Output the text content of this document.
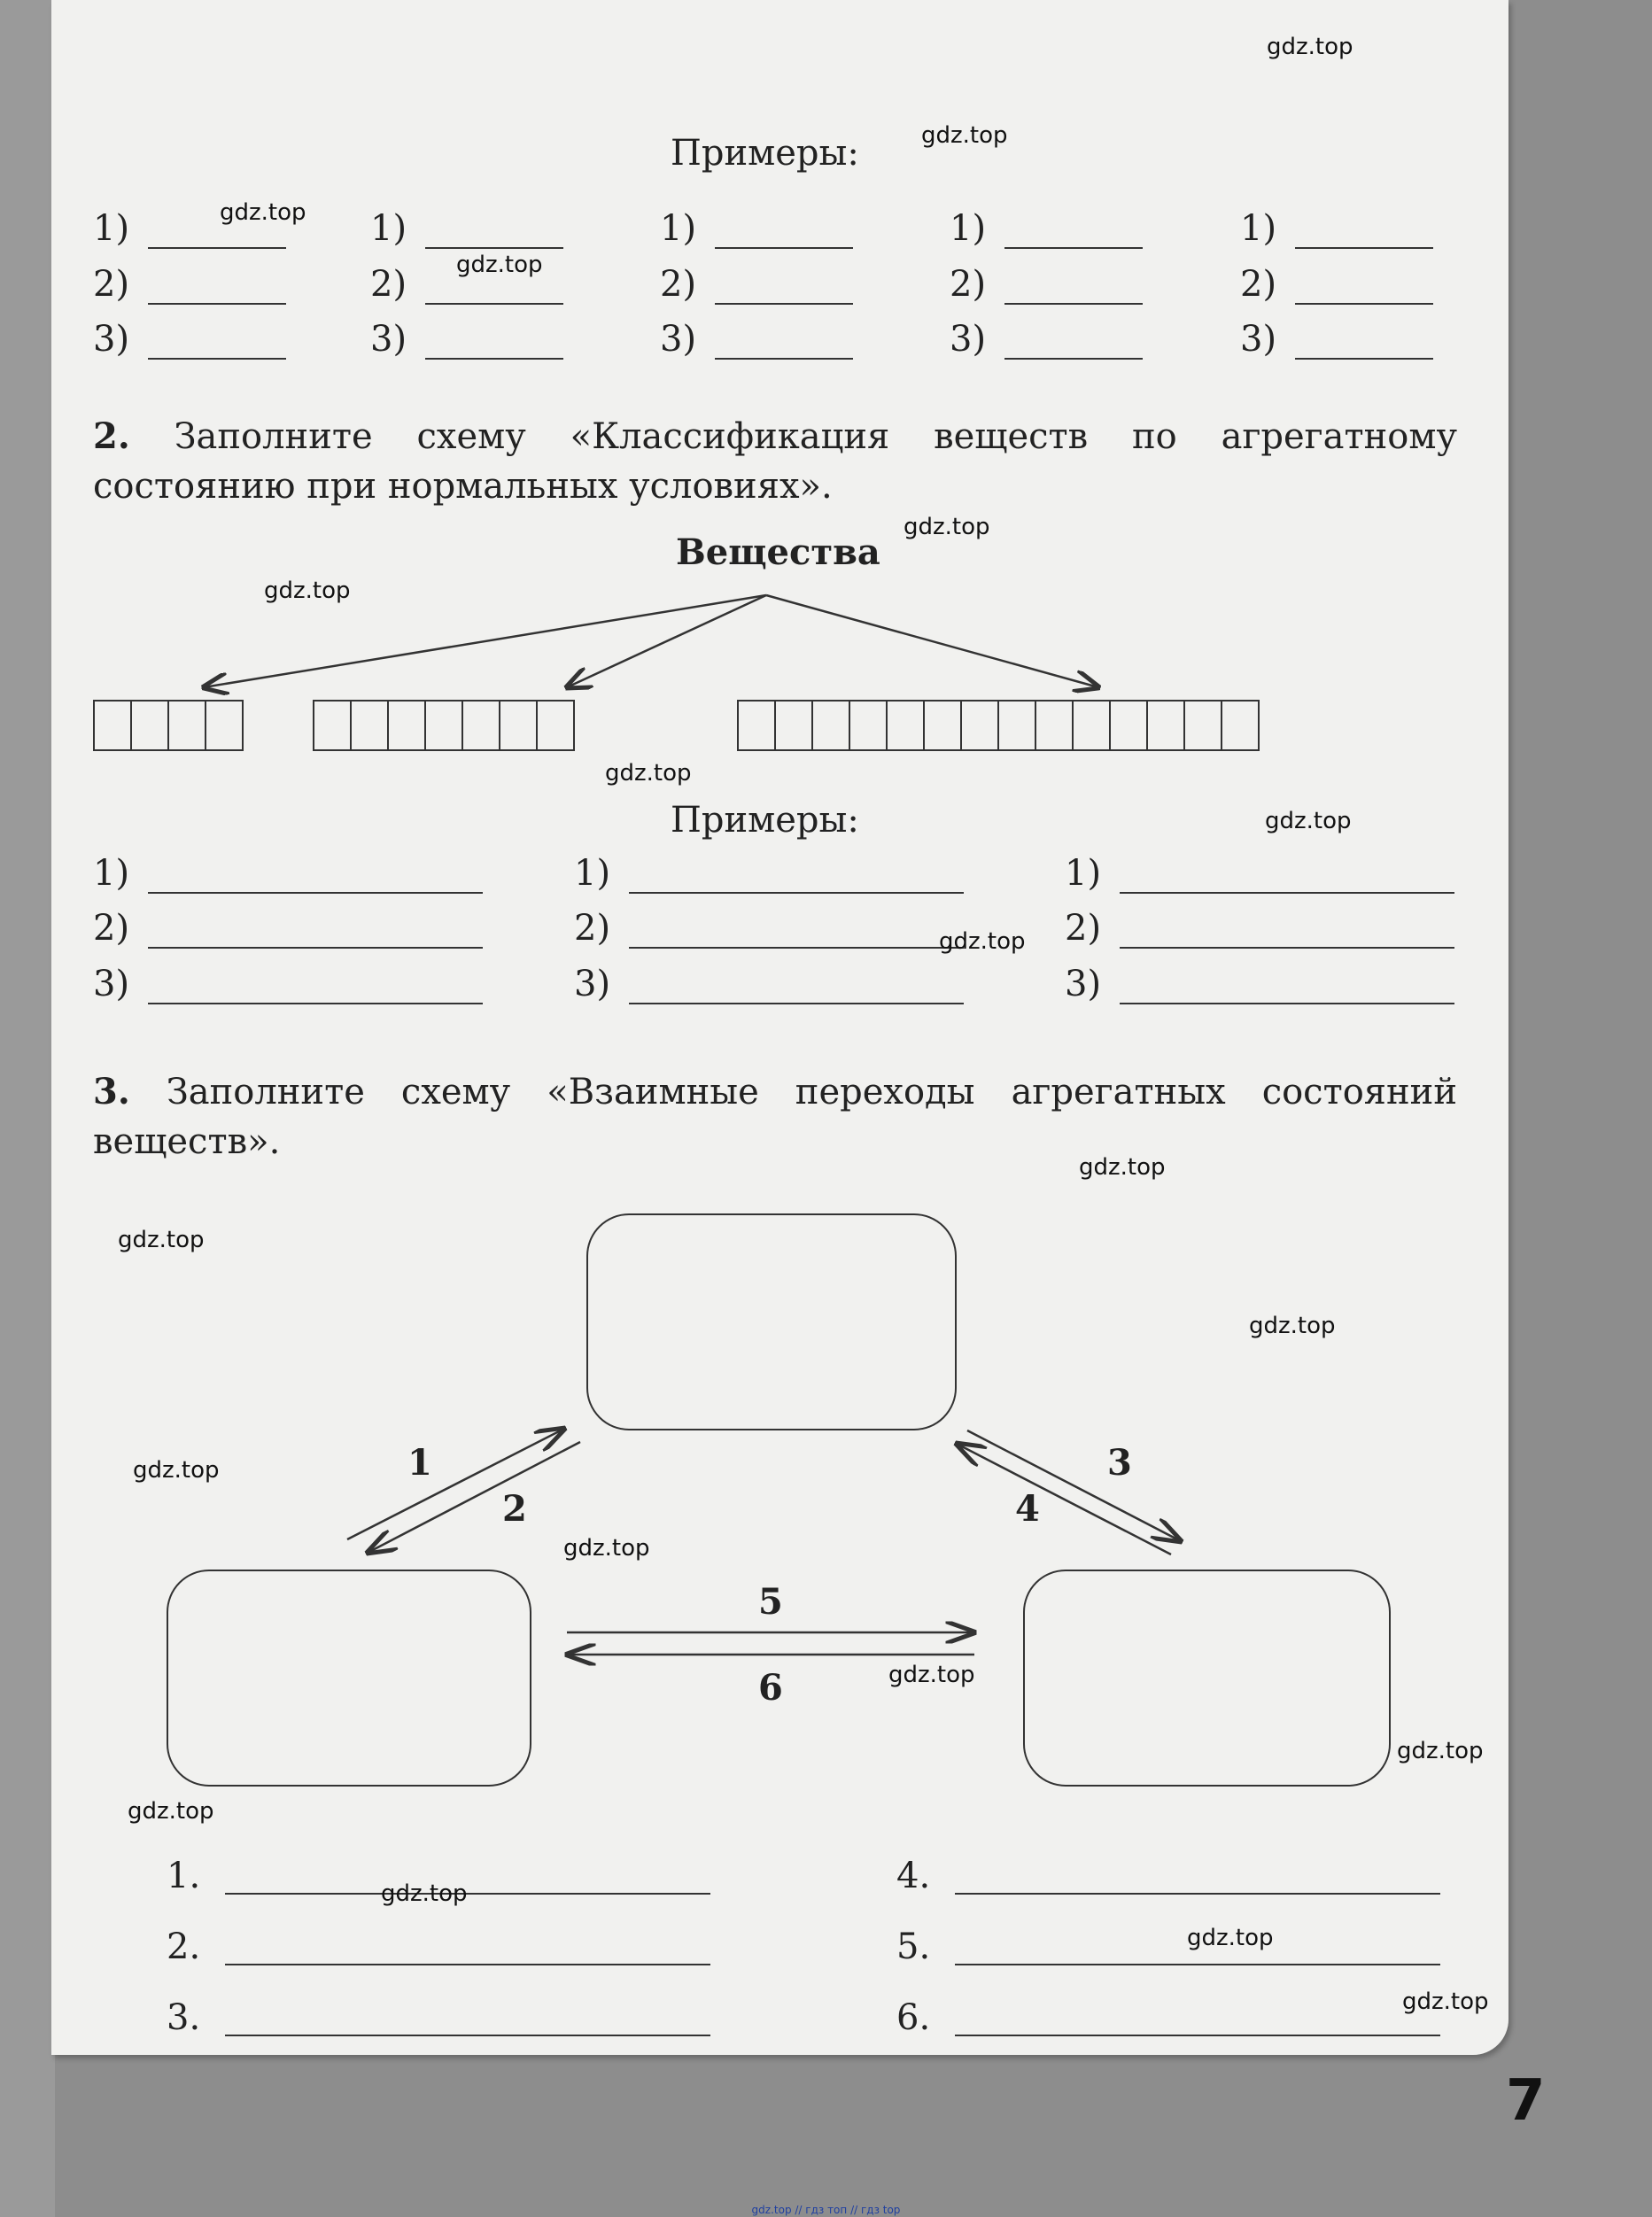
Примеры:
1)
2)
3)
1)
2)
3)
1)
2)
3)
1)
2)
3)
1)
2)
3)
2. Заполните схему «Классификация веществ по агрегатному состоянию при нормальных условиях».
Вещества
Примеры:
1)
2)
3)
1)
2)
3)
1)
2)
3)
3. Заполните схему «Взаимные переходы агрегатных состояний веществ».
1
2
3
4
5
6
1.
2.
3.
4.
5.
6.
gdz.top
gdz.top
gdz.top
gdz.top
gdz.top
gdz.top
gdz.top
gdz.top
gdz.top
gdz.top
gdz.top
gdz.top
gdz.top
gdz.top
gdz.top
gdz.top
gdz.top
gdz.top
gdz.top
gdz.top
7
gdz.top // гдз топ // гдз top
